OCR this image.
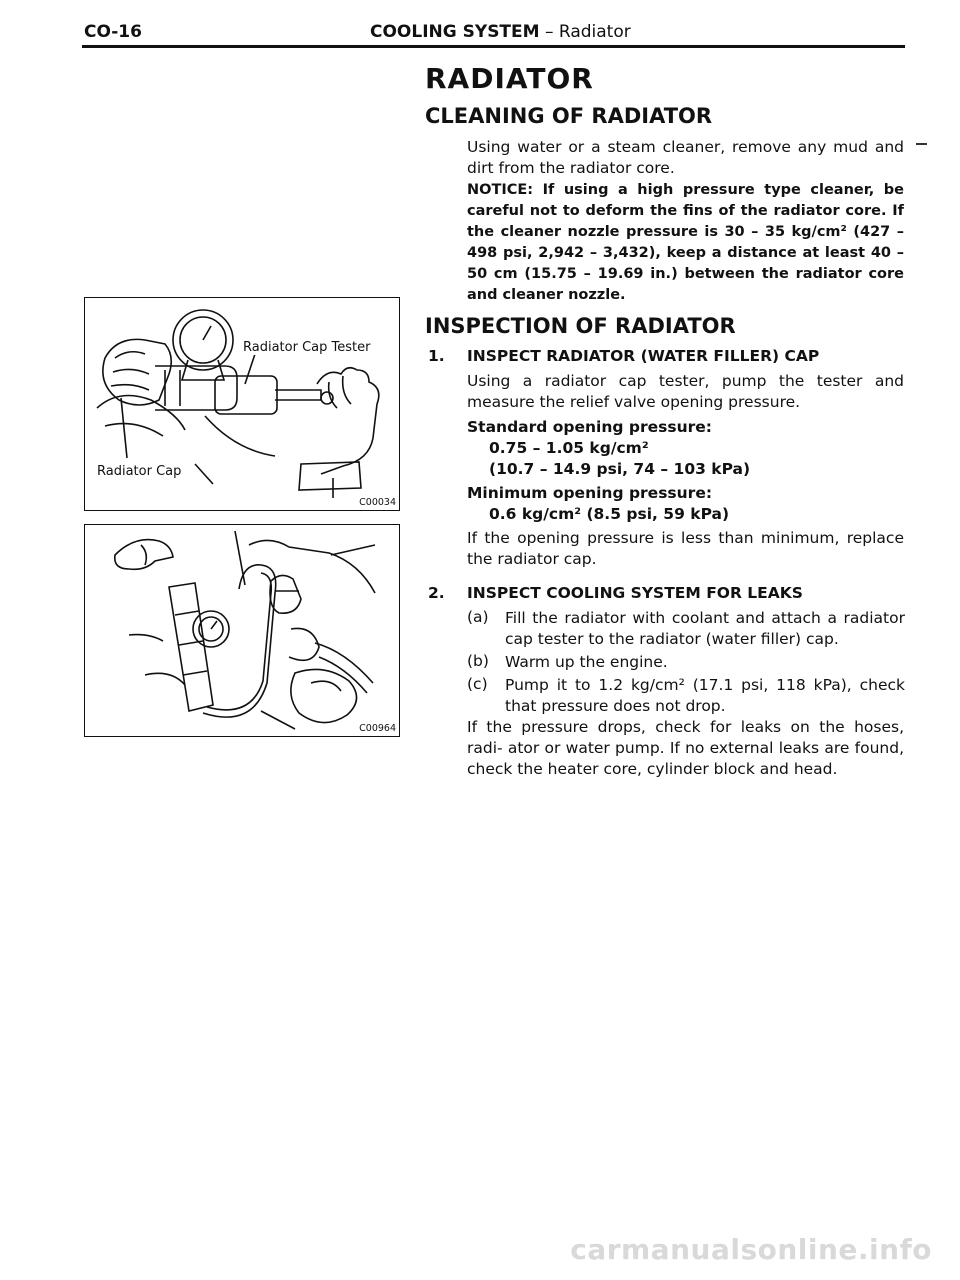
CO-16	COOLING SYSTEM – Radiator
RADIATOR
CLEANING OF RADIATOR

Using water or a steam cleaner, remove any mud and dirt from the radiator core.

NOTICE: If using a high pressure type cleaner, be careful not to deform the fins of the radiator core. If the cleaner nozzle pressure is 30 – 35 kg/cm² (427 – 498 psi, 2,942 – 3,432), keep a distance at least 40 – 50 cm (15.75 – 19.69 in.) between the radiator core and cleaner nozzle.

INSPECTION OF RADIATOR
1. INSPECT RADIATOR (WATER FILLER) CAP

Using a radiator cap tester, pump the tester and measure the relief valve opening pressure.

Standard opening pressure:
0.75 – 1.05 kg/cm²
(10.7 – 14.9 psi, 74 – 103 kPa)
Minimum opening pressure:
0.6 kg/cm² (8.5 psi, 59 kPa)

If the opening pressure is less than minimum, replace the radiator cap.

2. INSPECT COOLING SYSTEM FOR LEAKS
(a) Fill the radiator with coolant and attach a radiator cap tester to the radiator (water filler) cap.

(b) Warm up the engine.

(c) Pump it to 1.2 kg/cm² (17.1 psi, 118 kPa), check that pressure does not drop.

If the pressure drops, check for leaks on the hoses, radi- ator or water pump. If no external leaks are found, check the heater core, cylinder block and head.

Radiator Cap Tester
Radiator Cap
C00034
C00964
carmanualsonline.info
